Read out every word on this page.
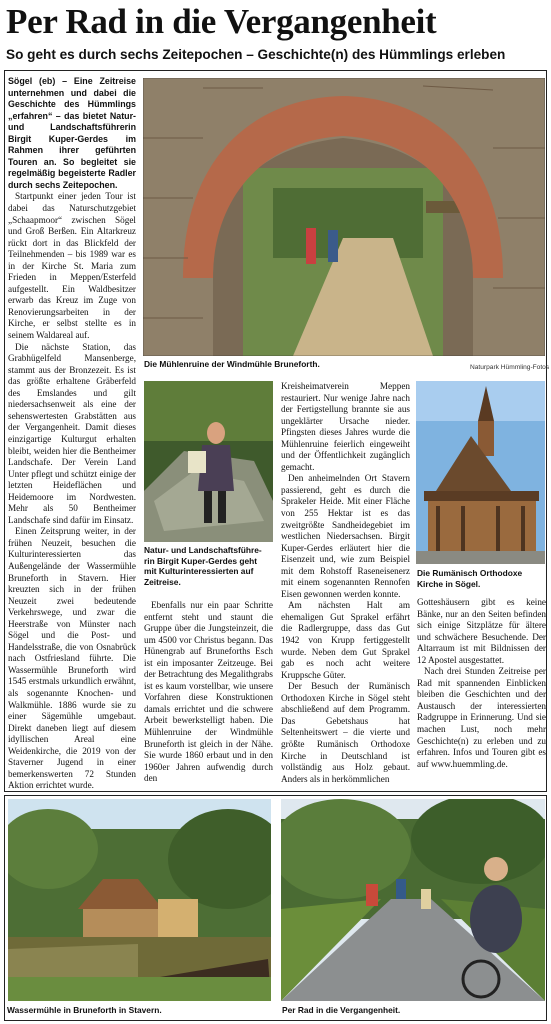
Per Rad in die Vergangenheit
So geht es durch sechs Zeitepochen – Geschichte(n) des Hümmlings erleben

Sögel (eb) – Eine Zeitreise unternehmen und dabei die Geschichte des Hümmlings „erfahren“ – das bietet Natur- und Landschaftsführerin Birgit Kuper-Gerdes im Rahmen ihrer geführten Touren an. So begleitet sie regelmäßig begeisterte Radler durch sechs Zeitepochen.

Startpunkt einer jeden Tour ist dabei das Naturschutzgebiet „Schaapmoor“ zwischen Sögel und Groß Berßen. Ein Altarkreuz rückt dort in das Blickfeld der Teilnehmenden – bis 1989 war es in der Kirche St. Maria zum Frieden in Meppen/Esterfeld aufgestellt. Ein Waldbesitzer erwarb das Kreuz im Zuge von Renovierungsarbeiten in der Kirche, er selbst stellte es in seinem Waldareal auf.

Die nächste Station, das Grabhügelfeld Mansenberge, stammt aus der Bronzezeit. Es ist das größte erhaltene Gräberfeld des Emslandes und gilt niedersachsenweit als eine der sehenswertesten Grabstätten aus der Vergangenheit. Damit dieses einzigartige Kulturgut erhalten bleibt, weiden hier die Bentheimer Landschafe. Der Verein Land Unter pflegt und schützt einige der letzten Heideflächen und Heidemoore im Nordwesten. Mehr als 50 Bentheimer Landschafe sind dafür im Einsatz.

Einen Zeitsprung weiter, in der frühen Neuzeit, besuchen die Kulturinteressierten das Außengelände der Wassermühle Bruneforth in Stavern. Hier kreuzten sich in der frühen Neuzeit zwei bedeutende Verkehrswege, und zwar die Heerstraße von Münster nach Sögel und die Post- und Handelsstraße, die von Osnabrück nach Ostfriesland führte. Die Wassermühle Bruneforth wird 1545 erstmals urkundlich erwähnt, als sogenannte Knochen- und Walkmühle. 1886 wurde sie zu einer Sägemühle umgebaut. Direkt daneben liegt auf diesem idyllischen Areal eine Weidenkirche, die 2019 von der Staverner Jugend in einer bemerkenswerten 72 Stunden Aktion errichtet wurde.

Die Mühlenruine der Windmühle Bruneforth.	Naturpark Hümmling-Fotos
Natur- und Landschaftsführe-
rin Birgit Kuper-Gerdes geht
mit Kulturinteressierten auf
Zeitreise.

Ebenfalls nur ein paar Schritte entfernt steht und staunt die Gruppe über die Jungsteinzeit, die um 4500 vor Christus begann. Das Hünengrab auf Bruneforths Esch ist ein imposanter Zeitzeuge. Bei der Betrachtung des Megalithgrabs ist es kaum vorstellbar, wie unsere Vorfahren diese Konstruktionen damals errichtet und die schwere Arbeit bewerkstelligt haben. Die Mühlenruine der Windmühle Bruneforth ist gleich in der Nähe. Sie wurde 1860 erbaut und in den 1960er Jahren aufwendig durch den

Kreisheimatverein Meppen restauriert. Nur wenige Jahre nach der Fertigstellung brannte sie aus ungeklärter Ursache nieder. Pfingsten dieses Jahres wurde die Mühlenruine feierlich eingeweiht und der Öffentlichkeit zugänglich gemacht.

Den anheimelnden Ort Stavern passierend, geht es durch die Sprakeler Heide. Mit einer Fläche von 255 Hektar ist es das zweitgrößte Sandheidegebiet im westlichen Niedersachsen. Birgit Kuper-Gerdes erläutert hier die Eisenzeit und, wie zum Beispiel mit dem Rohstoff Raseneisenerz mit einem sogenannten Rennofen Eisen gewonnen werden konnte.

Am nächsten Halt am ehemaligen Gut Sprakel erfährt die Radlergruppe, dass das Gut 1942 von Krupp fertiggestellt wurde. Neben dem Gut Sprakel gab es noch acht weitere Kruppsche Güter.

Der Besuch der Rumänisch Orthodoxen Kirche in Sögel steht abschließend auf dem Programm. Das Gebetshaus hat Seltenheitswert – die vierte und größte Rumänisch Orthodoxe Kirche in Deutschland ist vollständig aus Holz gebaut. Anders als in herkömmlichen

Die Rumänisch Orthodoxe
Kirche in Sögel.

Gotteshäusern gibt es keine Bänke, nur an den Seiten befinden sich einige Sitzplätze für ältere und schwächere Besuchende. Der Altarraum ist mit Bildnissen der 12 Apostel ausgestattet.

Nach drei Stunden Zeitreise per Rad mit spannenden Einblicken bleiben die Geschichten und der Austausch der interessierten Radgruppe in Erinnerung. Und sie machen Lust, noch mehr Geschichte(n) zu erleben und zu erfahren. Infos und Touren gibt es auf www.huemmling.de.

Wassermühle in Bruneforth in Stavern.	Per Rad in die Vergangenheit.
